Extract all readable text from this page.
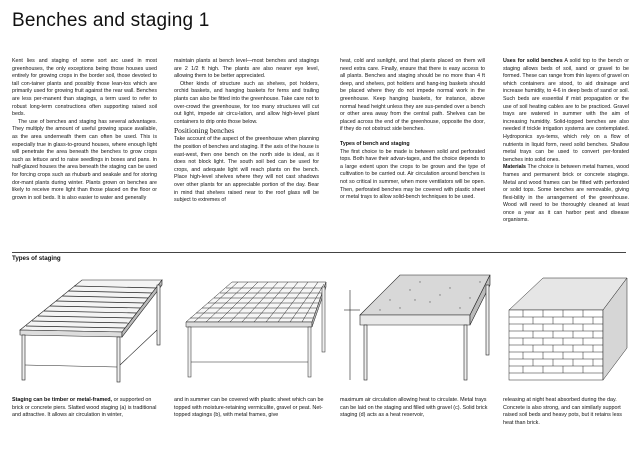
Benches and staging 1

Kent lies and staging of some sort arc used in most greenhouses, the only exceptions being those houses used entirely for growing crops in the border soil, those devoted to tall con-tainer plants and possibly those lean-tos which are primarily used for growing fruit against the rear wall. Benches are less per-manent than stagings, a term used to refer to robust long-term constructions often supporting raised soil beds.

The use of benches and staging has several advantages. They multiply the amount of useful growing space available, as the area underneath them can often be used. This is especially true in glass-to-ground houses, where enough light will penetrate the area beneath the benches to grow crops such as lettuce and to raise seedlings in boxes and pans. In half-glazed houses the area beneath the staging can be used for forcing crops such as rhubarb and seakale and for storing dor-mant plants during winter. Plants grown on benches are likely to receive more light than those placed on the floor or grown in soil beds. It is also easier to water and generally

maintain plants at bench level—most benches and stagings are 2 1/2 ft high. The plants are also nearer eye level, allowing them to be better appreciated.

Other kinds of structure such as shelves, pot holders, orchid baskets, and hanging baskets for ferns and trailing plants can also be fitted into the greenhouse. Take care not to over-crowd the greenhouse, for too many structures will cut out light, impede air circu-lation, and allow high-level plant containers to drip onto those below.

Positioning benches

Take account of the aspect of the greenhouse when planning the position of benches and staging. If the axis of the house is east-west, then one bench on the north side is ideal, as it does not block light. The south soil bed can be used for crops, and adequate light will reach plants on the bench. Place high-level shelves where they will not cast shadows over other plants for an appreciable portion of the day. Bear in mind that shelves raised near to the roof glass will be subject to extremes of

heat, cold and sunlight, and that plants placed on them will need extra care. Finally, ensure that there is easy access to all plants. Benches and staging should be no more than 4 ft deep, and shelves, pot holders and hang-ing baskets should be placed where they do not impede normal work in the greenhouse. Keep hanging baskets, for instance, above normal head height unless they are sus-pended over a bench or other area away from the central path. Shelves can be placed across the end of the greenhouse, opposite the door, if they do not obstruct side benches.

Types of bench and staging

The first choice to be made is between solid and perforated tops. Both have their advan-tages, and the choice depends to a large extent upon the crops to be grown and the type of cultivation to be carried out. Air circulation around benches is not so critical in summer, when more ventilators will be open. Then, perforated benches may be covered with plastic sheet or metal trays to allow solid-bench techniques to be used.

Uses for solid benches A solid top to the bench or staging allows beds of soil, sand or gravel to be formed. These can range from thin layers of gravel on which containers are stood, to aid drainage and increase humidity, to 4-6 in deep beds of sand or soil. Such beds are essential if mist propagation or the use of soil heating cables are to be practiced. Gravel trays are watered in summer with the aim of increasing humidity. Solid-topped benches are also needed if trickle irrigation systems are contemplated. Hydroponics sys-tems, which rely on a flow of nutrients in liquid form, need solid benches. Shallow metal trays can be used to convert per-forated benches into solid ones.

Materials The choice is between metal frames, wood frames and permanent brick or concrete stagings. Metal and wood frames can be fitted with perforated or solid tops. Some benches are removable, giving flexi-bility in the arrangement of the greenhouse. Wood will need to be thoroughly cleaned at least once a year as it can harbor pest and disease organisms.

Types of staging

Staging can be timber or metal-framed, or supported on brick or concrete piers. Slatted wood staging (a) is traditional and attractive. It allows air circulation in winter,

and in summer can be covered with plastic sheet which can be topped with moisture-retaining vermiculite, gravel or peat. Net-topped stagings (b), with metal frames, give

maximum air circulation allowing heat to circulate. Metal trays can be laid on the staging and filled with gravel (c). Solid brick staging (d) acts as a heat reservoir,

releasing at night heat absorbed during the day. Concrete is also strong, and can similarly support raised soil beds and heavy pots, but it retains less heat than brick.
